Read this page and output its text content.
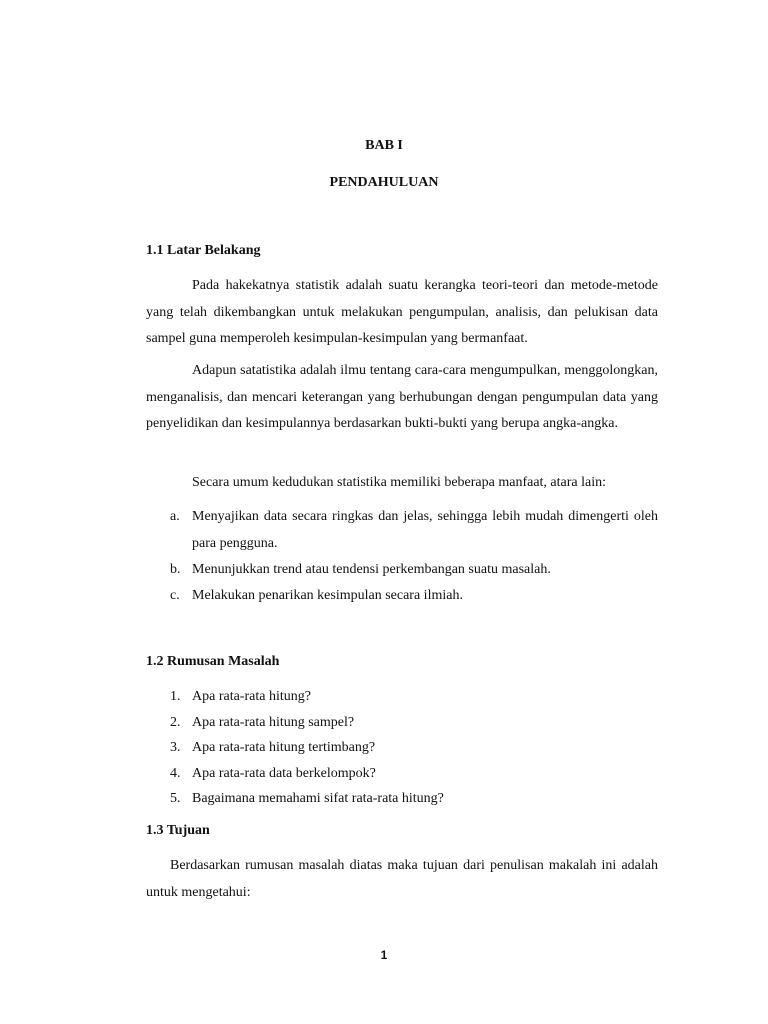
BAB I
PENDAHULUAN
1.1 Latar Belakang
Pada hakekatnya statistik adalah suatu kerangka teori-teori dan metode-metode yang telah dikembangkan untuk melakukan pengumpulan, analisis, dan pelukisan data sampel guna memperoleh kesimpulan-kesimpulan yang bermanfaat.
Adapun satatistika adalah ilmu tentang cara-cara mengumpulkan, menggolongkan, menganalisis, dan mencari keterangan yang berhubungan dengan pengumpulan data yang penyelidikan dan kesimpulannya berdasarkan bukti-bukti yang berupa angka-angka.
Secara umum kedudukan statistika memiliki beberapa manfaat, atara lain:
a. Menyajikan data secara ringkas dan jelas, sehingga lebih mudah dimengerti oleh para pengguna.
b. Menunjukkan trend atau tendensi perkembangan suatu masalah.
c. Melakukan penarikan kesimpulan secara ilmiah.
1.2 Rumusan Masalah
1. Apa rata-rata hitung?
2. Apa rata-rata hitung sampel?
3. Apa rata-rata hitung tertimbang?
4. Apa rata-rata data berkelompok?
5. Bagaimana memahami sifat rata-rata hitung?
1.3 Tujuan
Berdasarkan rumusan masalah diatas maka tujuan dari penulisan makalah ini adalah untuk mengetahui:
1
